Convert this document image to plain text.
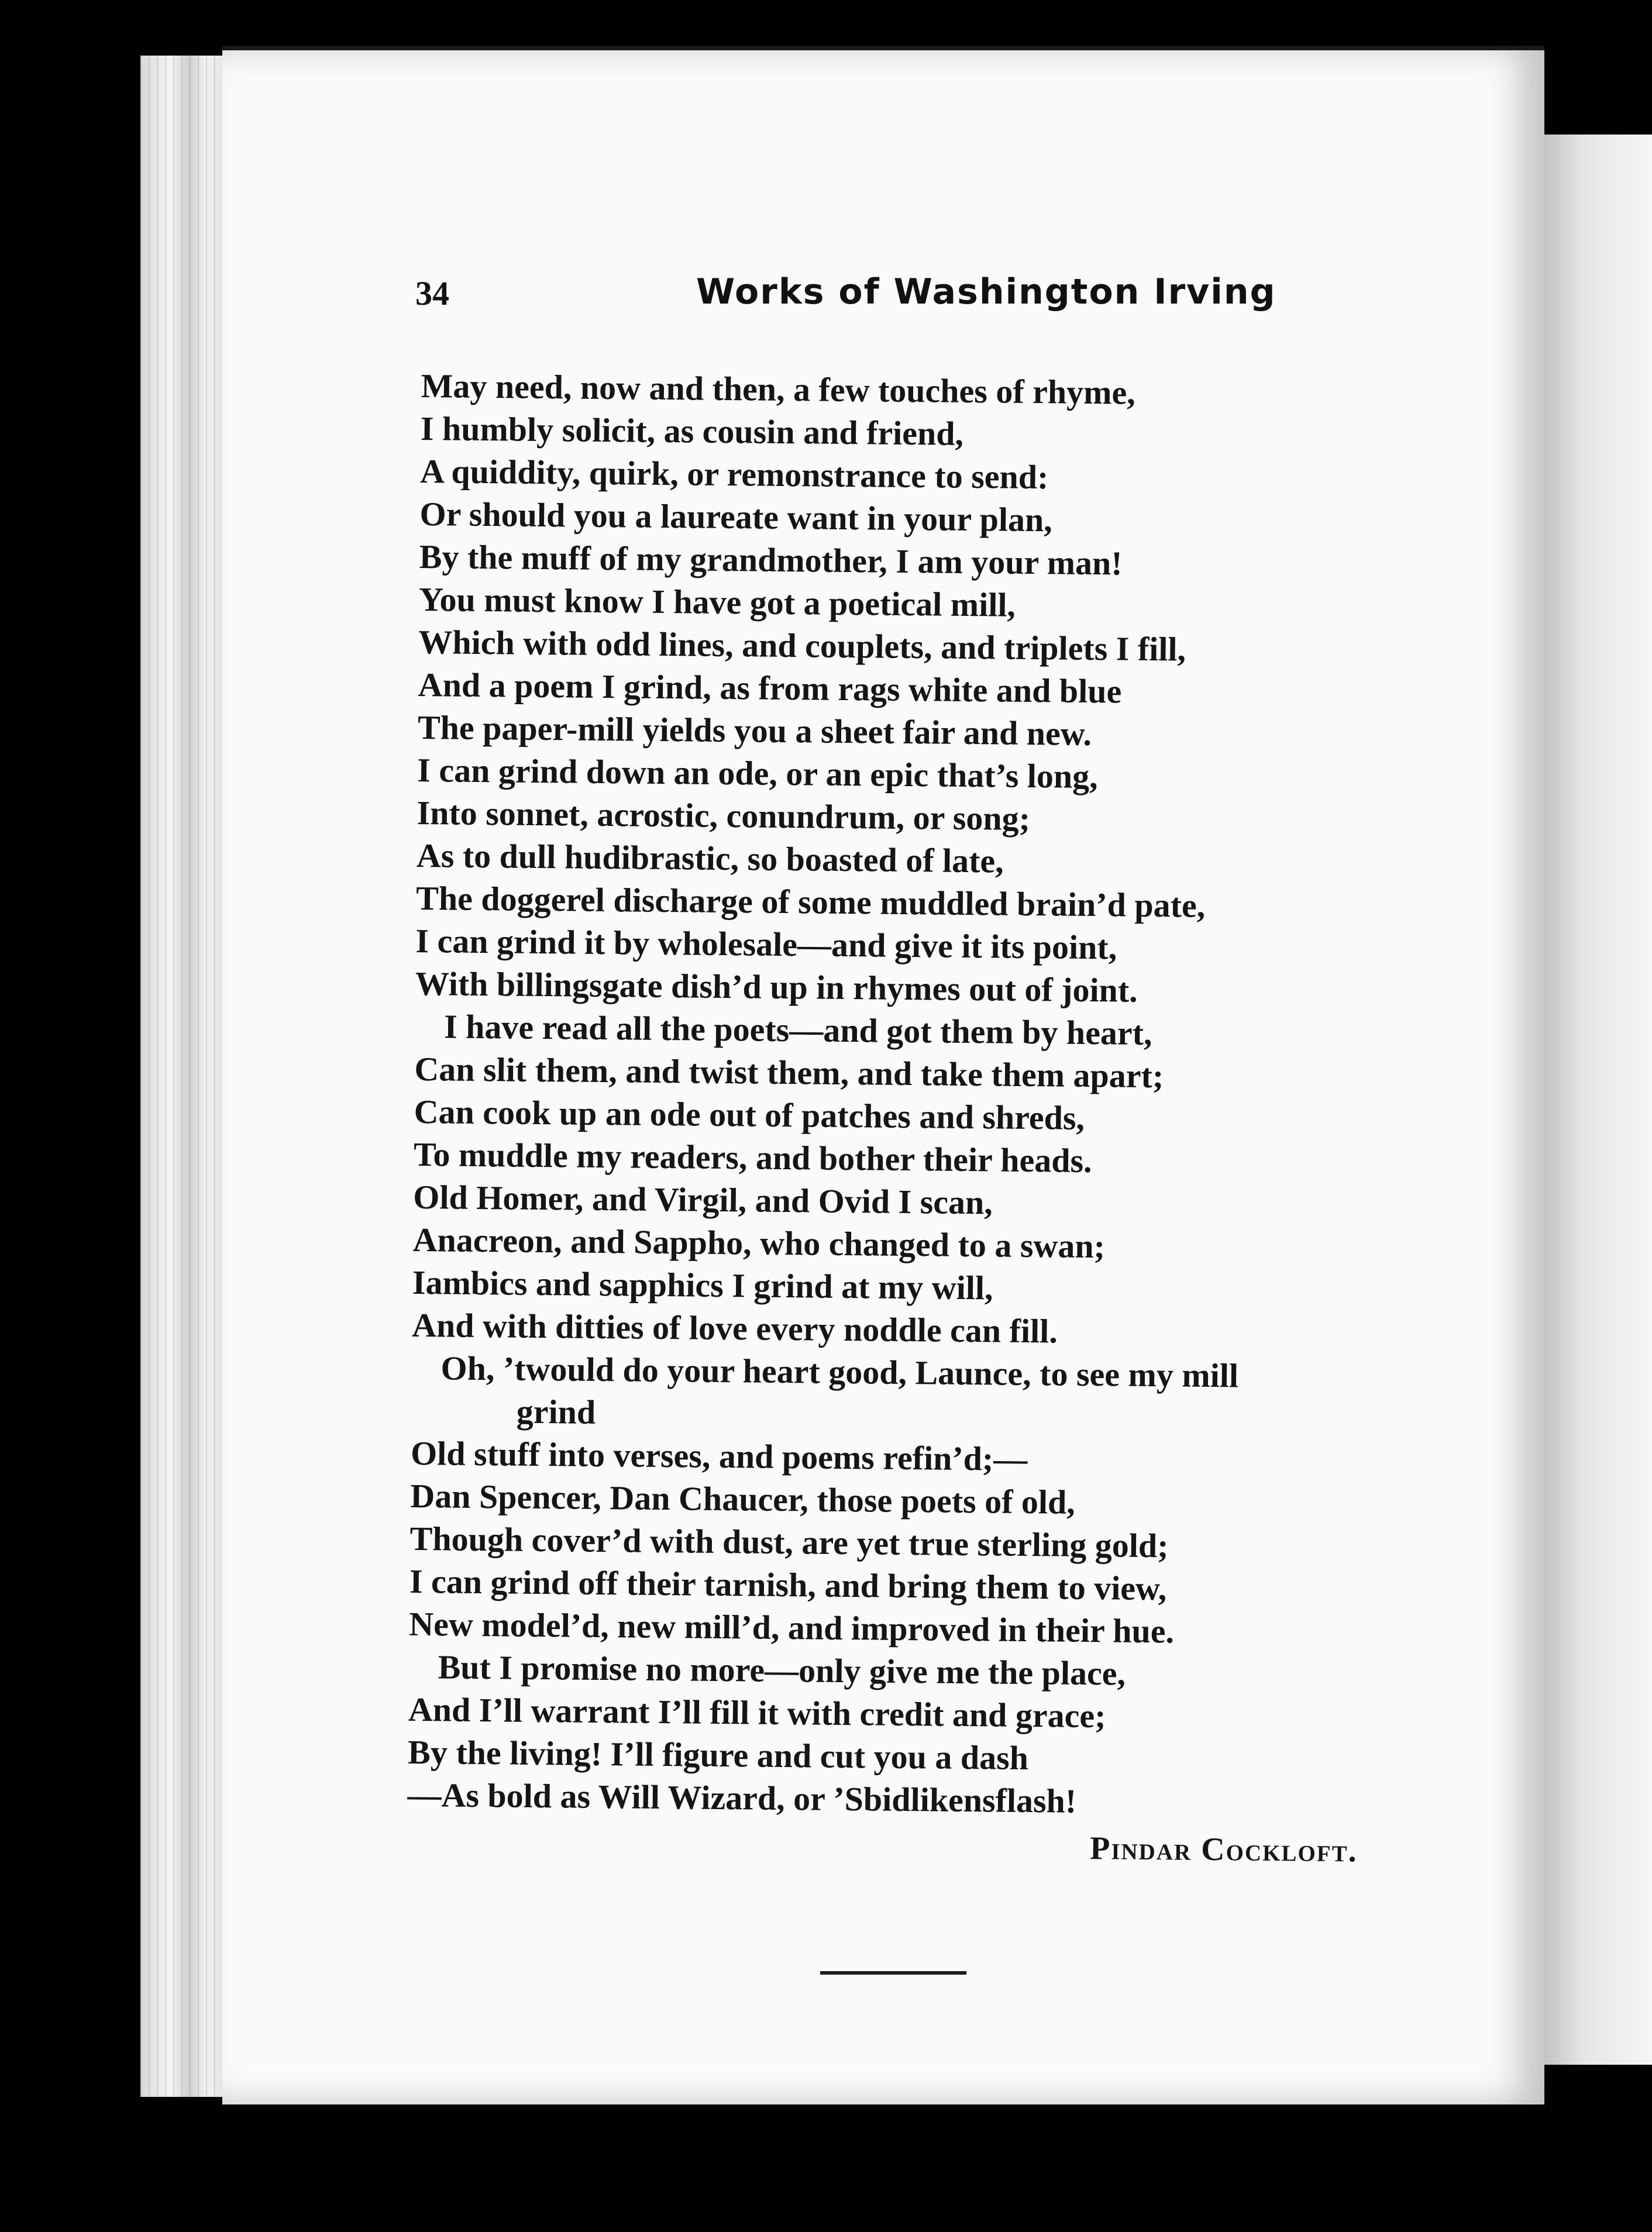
34	Works of Washington Irving
May need, now and then, a few touches of rhyme,
I humbly solicit, as cousin and friend,
A quiddity, quirk, or remonstrance to send:
Or should you a laureate want in your plan,
By the muff of my grandmother, I am your man!
You must know I have got a poetical mill,
Which with odd lines, and couplets, and triplets I fill,
And a poem I grind, as from rags white and blue
The paper-mill yields you a sheet fair and new.
I can grind down an ode, or an epic that’s long,
Into sonnet, acrostic, conundrum, or song;
As to dull hudibrastic, so boasted of late,
The doggerel discharge of some muddled brain’d pate,
I can grind it by wholesale—and give it its point,
With billingsgate dish’d up in rhymes out of joint.
I have read all the poets—and got them by heart,
Can slit them, and twist them, and take them apart;
Can cook up an ode out of patches and shreds,
To muddle my readers, and bother their heads.
Old Homer, and Virgil, and Ovid I scan,
Anacreon, and Sappho, who changed to a swan;
Iambics and sapphics I grind at my will,
And with ditties of love every noddle can fill.
Oh, ’twould do your heart good, Launce, to see my mill
grind
Old stuff into verses, and poems refin’d;—
Dan Spencer, Dan Chaucer, those poets of old,
Though cover’d with dust, are yet true sterling gold;
I can grind off their tarnish, and bring them to view,
New model’d, new mill’d, and improved in their hue.
But I promise no more—only give me the place,
And I’ll warrant I’ll fill it with credit and grace;
By the living! I’ll figure and cut you a dash
—As bold as Will Wizard, or ’Sbidlikensflash!
Pindar Cockloft.
